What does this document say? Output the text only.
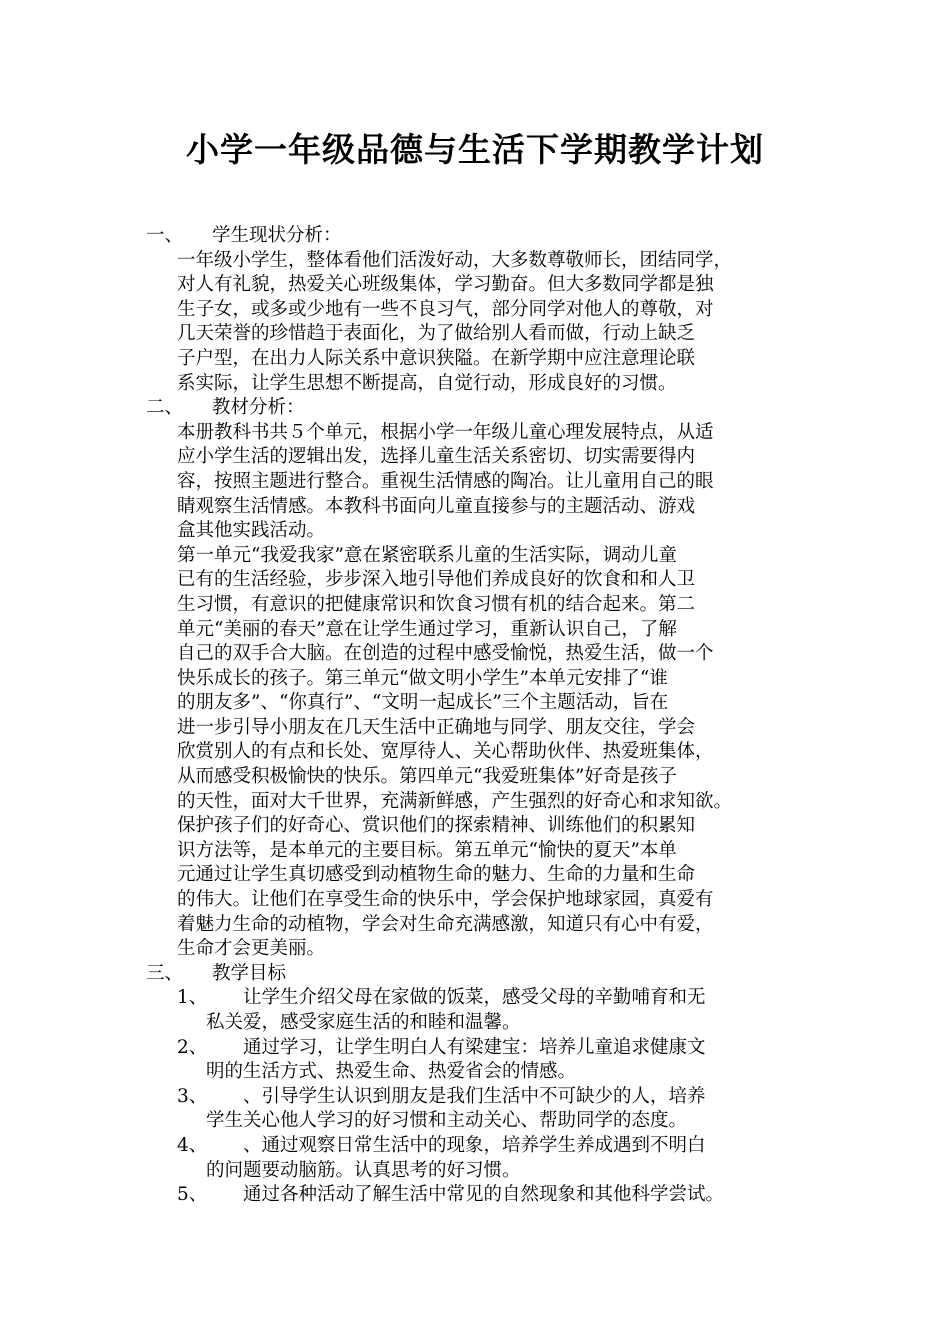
小学一年级品德与生活下学期教学计划
一、 学生现状分析：
一年级小学生，整体看他们活泼好动，大多数尊敬师长，团结同学，
对人有礼貌，热爱关心班级集体，学习勤奋。但大多数同学都是独
生子女，或多或少地有一些不良习气，部分同学对他人的尊敬，对
几天荣誉的珍惜趋于表面化，为了做给别人看而做，行动上缺乏
子户型，在出力人际关系中意识狭隘。在新学期中应注意理论联
系实际，让学生思想不断提高，自觉行动，形成良好的习惯。
二、 教材分析：
本册教科书共５个单元，根据小学一年级儿童心理发展特点，从适
应小学生活的逻辑出发，选择儿童生活关系密切、切实需要得内
容，按照主题进行整合。重视生活情感的陶冶。让儿童用自己的眼
睛观察生活情感。本教科书面向儿童直接参与的主题活动、游戏
盒其他实践活动。
第一单元“我爱我家”意在紧密联系儿童的生活实际，调动儿童
已有的生活经验，步步深入地引导他们养成良好的饮食和和人卫
生习惯，有意识的把健康常识和饮食习惯有机的结合起来。第二
单元“美丽的春天”意在让学生通过学习，重新认识自己，了解
自己的双手合大脑。在创造的过程中感受愉悦，热爱生活，做一个
快乐成长的孩子。第三单元“做文明小学生”本单元安排了“谁
的朋友多”、“你真行”、“文明一起成长”三个主题活动，旨在
进一步引导小朋友在几天生活中正确地与同学、朋友交往，学会
欣赏别人的有点和长处、宽厚待人、关心帮助伙伴、热爱班集体，
从而感受积极愉快的快乐。第四单元“我爱班集体”好奇是孩子
的天性，面对大千世界，充满新鲜感，产生强烈的好奇心和求知欲。
保护孩子们的好奇心、赏识他们的探索精神、训练他们的积累知
识方法等，是本单元的主要目标。第五单元“愉快的夏天”本单
元通过让学生真切感受到动植物生命的魅力、生命的力量和生命
的伟大。让他们在享受生命的快乐中，学会保护地球家园，真爱有
着魅力生命的动植物，学会对生命充满感激，知道只有心中有爱，
生命才会更美丽。
三、 教学目标
1、 让学生介绍父母在家做的饭菜，感受父母的辛勤哺育和无
私关爱，感受家庭生活的和睦和温馨。
2、 通过学习，让学生明白人有梁建宝：培养儿童追求健康文
明的生活方式、热爱生命、热爱省会的情感。
3、 、引导学生认识到朋友是我们生活中不可缺少的人，培养
学生关心他人学习的好习惯和主动关心、帮助同学的态度。
4、 、通过观察日常生活中的现象，培养学生养成遇到不明白
的问题要动脑筋。认真思考的好习惯。
5、 通过各种活动了解生活中常见的自然现象和其他科学尝试。
